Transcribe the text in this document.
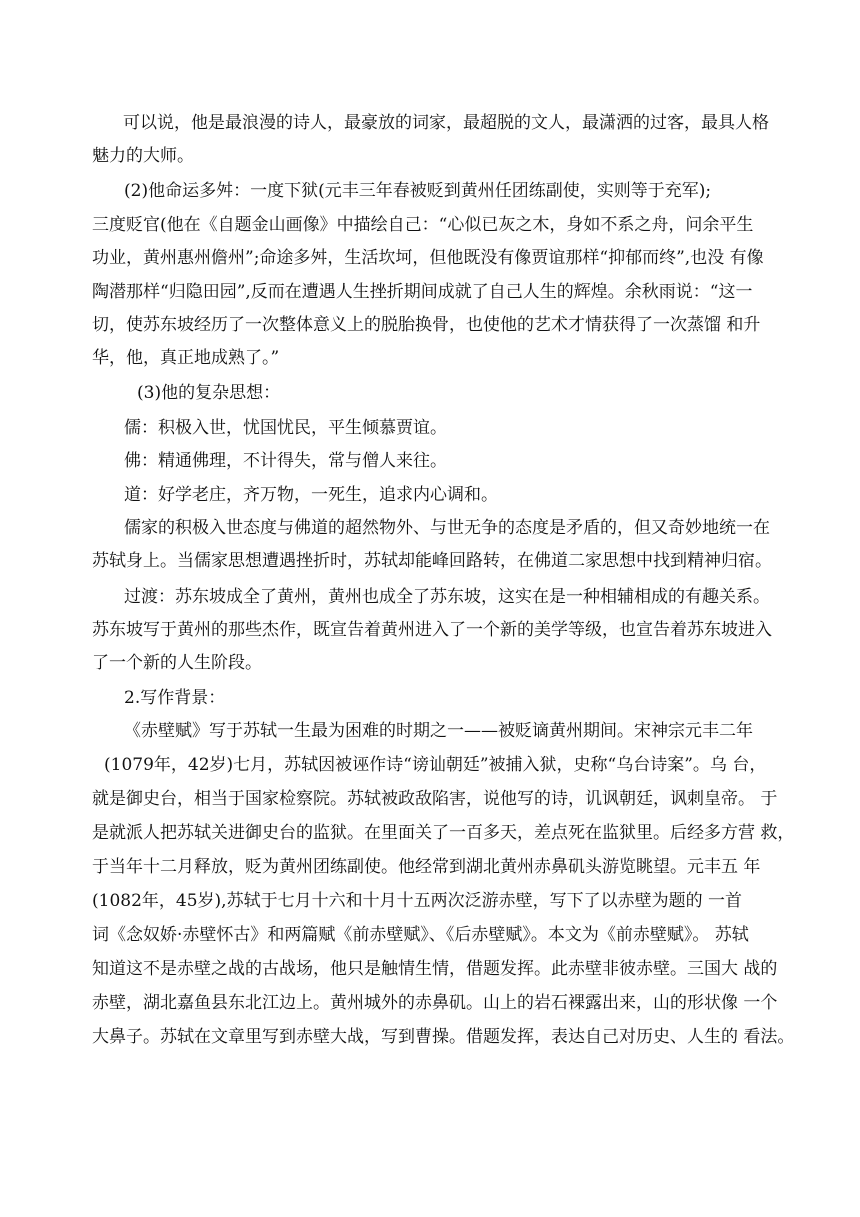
可以说，他是最浪漫的诗人，最豪放的词家，最超脱的文人，最潇洒的过客，最具人格
魅力的大师。
(2)他命运多舛：一度下狱(元丰三年春被贬到黄州任团练副使，实则等于充军);
三度贬官(他在《自题金山画像》中描绘自己：“心似已灰之木，身如不系之舟，问余平生
功业，黄州惠州儋州”;命途多舛，生活坎坷，但他既没有像贾谊那样“抑郁而终”,也没 有像
陶潜那样“归隐田园”,反而在遭遇人生挫折期间成就了自己人生的辉煌。余秋雨说：“这一
切，使苏东坡经历了一次整体意义上的脱胎换骨，也使他的艺术才情获得了一次蒸馏 和升
华，他，真正地成熟了。”
(3)他的复杂思想：
儒：积极入世，忧国忧民，平生倾慕贾谊。
佛：精通佛理，不计得失，常与僧人来往。
道：好学老庄，齐万物，一死生，追求内心调和。
儒家的积极入世态度与佛道的超然物外、与世无争的态度是矛盾的，但又奇妙地统一在
苏轼身上。当儒家思想遭遇挫折时，苏轼却能峰回路转，在佛道二家思想中找到精神归宿。
过渡：苏东坡成全了黄州，黄州也成全了苏东坡，这实在是一种相辅相成的有趣关系。
苏东坡写于黄州的那些杰作，既宣告着黄州进入了一个新的美学等级，也宣告着苏东坡进入
了一个新的人生阶段。
2.写作背景：
《赤壁赋》写于苏轼一生最为困难的时期之一——被贬谪黄州期间。宋神宗元丰二年
(1079年，42岁)七月，苏轼因被诬作诗“谤讪朝廷”被捕入狱，史称“乌台诗案”。乌 台，
就是御史台，相当于国家检察院。苏轼被政敌陷害，说他写的诗，讥讽朝廷，讽刺皇帝。 于
是就派人把苏轼关进御史台的监狱。在里面关了一百多天，差点死在监狱里。后经多方营 救，
于当年十二月释放，贬为黄州团练副使。他经常到湖北黄州赤鼻矶头游览眺望。元丰五 年
(1082年，45岁),苏轼于七月十六和十月十五两次泛游赤壁，写下了以赤壁为题的 一首
词《念奴娇·赤壁怀古》和两篇赋《前赤壁赋》、《后赤壁赋》。本文为《前赤壁赋》。 苏轼
知道这不是赤壁之战的古战场，他只是触情生情，借题发挥。此赤壁非彼赤壁。三国大 战的
赤壁，湖北嘉鱼县东北江边上。黄州城外的赤鼻矶。山上的岩石裸露出来，山的形状像 一个
大鼻子。苏轼在文章里写到赤壁大战，写到曹操。借题发挥，表达自己对历史、人生的 看法。
